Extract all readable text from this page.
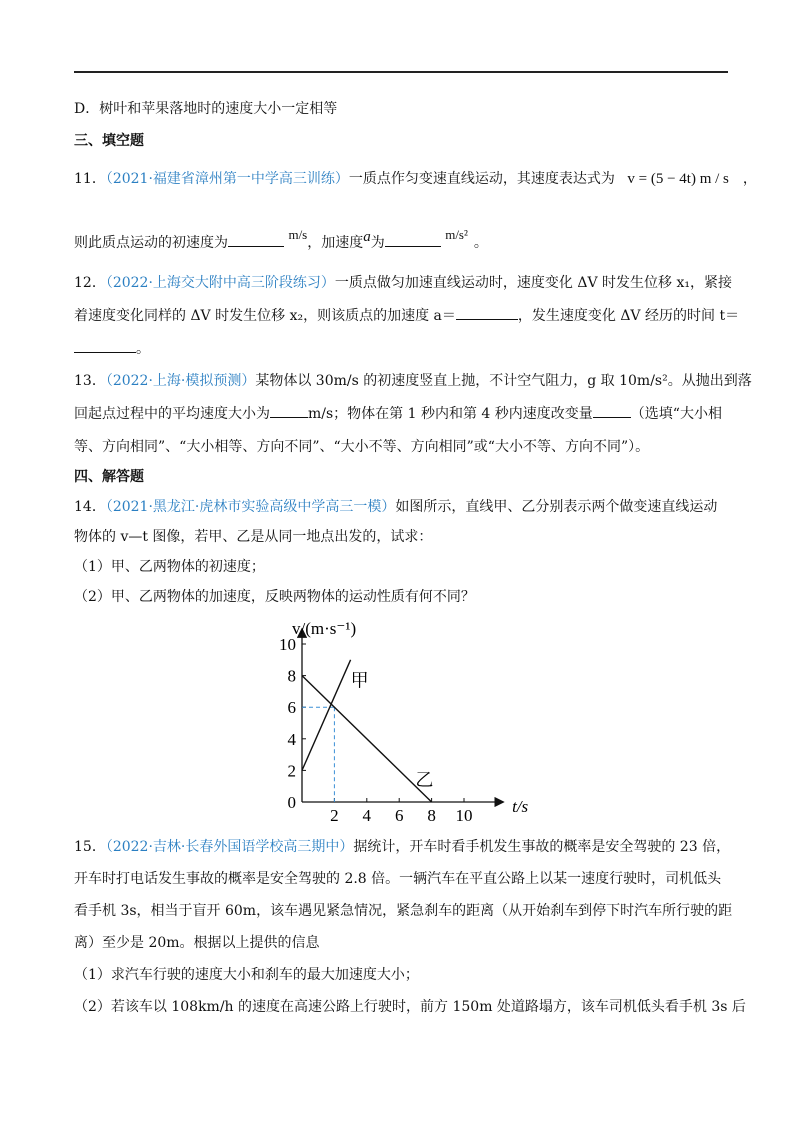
D．树叶和苹果落地时的速度大小一定相等
三、填空题
11．（2021·福建省漳州第一中学高三训练）一质点作匀变速直线运动，其速度表达式为 v = (5 − 4t) m / s ，
则此质点运动的初速度为 m/s，加速度a为 m/s²。
12．（2022·上海交大附中高三阶段练习）一质点做匀加速直线运动时，速度变化 ΔV 时发生位移 x₁，紧接
着速度变化同样的 ΔV 时发生位移 x₂，则该质点的加速度 a＝	，发生速度变化 ΔV 经历的时间 t＝
。
13．（2022·上海·模拟预测）某物体以 30m/s 的初速度竖直上抛，不计空气阻力，g 取 10m/s²。从抛出到落
回起点过程中的平均速度大小为	m/s；物体在第 1 秒内和第 4 秒内速度改变量	（选填“大小相
等、方向相同”、“大小相等、方向不同”、“大小不等、方向相同”或“大小不等、方向不同”）。
四、解答题
14．（2021·黑龙江·虎林市实验高级中学高三一模）如图所示，直线甲、乙分别表示两个做变速直线运动
物体的 v—t 图像，若甲、乙是从同一地点出发的，试求：
（1）甲、乙两物体的初速度；
（2）甲、乙两物体的加速度，反映两物体的运动性质有何不同？
2 4 6 8 10
0
2
4
6
8
10
v/(m·s⁻¹)
t/s
甲
乙
15．（2022·吉林·长春外国语学校高三期中）据统计，开车时看手机发生事故的概率是安全驾驶的 23 倍，
开车时打电话发生事故的概率是安全驾驶的 2.8 倍。一辆汽车在平直公路上以某一速度行驶时，司机低头
看手机 3s，相当于盲开 60m，该车遇见紧急情况，紧急刹车的距离（从开始刹车到停下时汽车所行驶的距
离）至少是 20m。根据以上提供的信息
（1）求汽车行驶的速度大小和刹车的最大加速度大小；
（2）若该车以 108km/h 的速度在高速公路上行驶时，前方 150m 处道路塌方，该车司机低头看手机 3s 后
